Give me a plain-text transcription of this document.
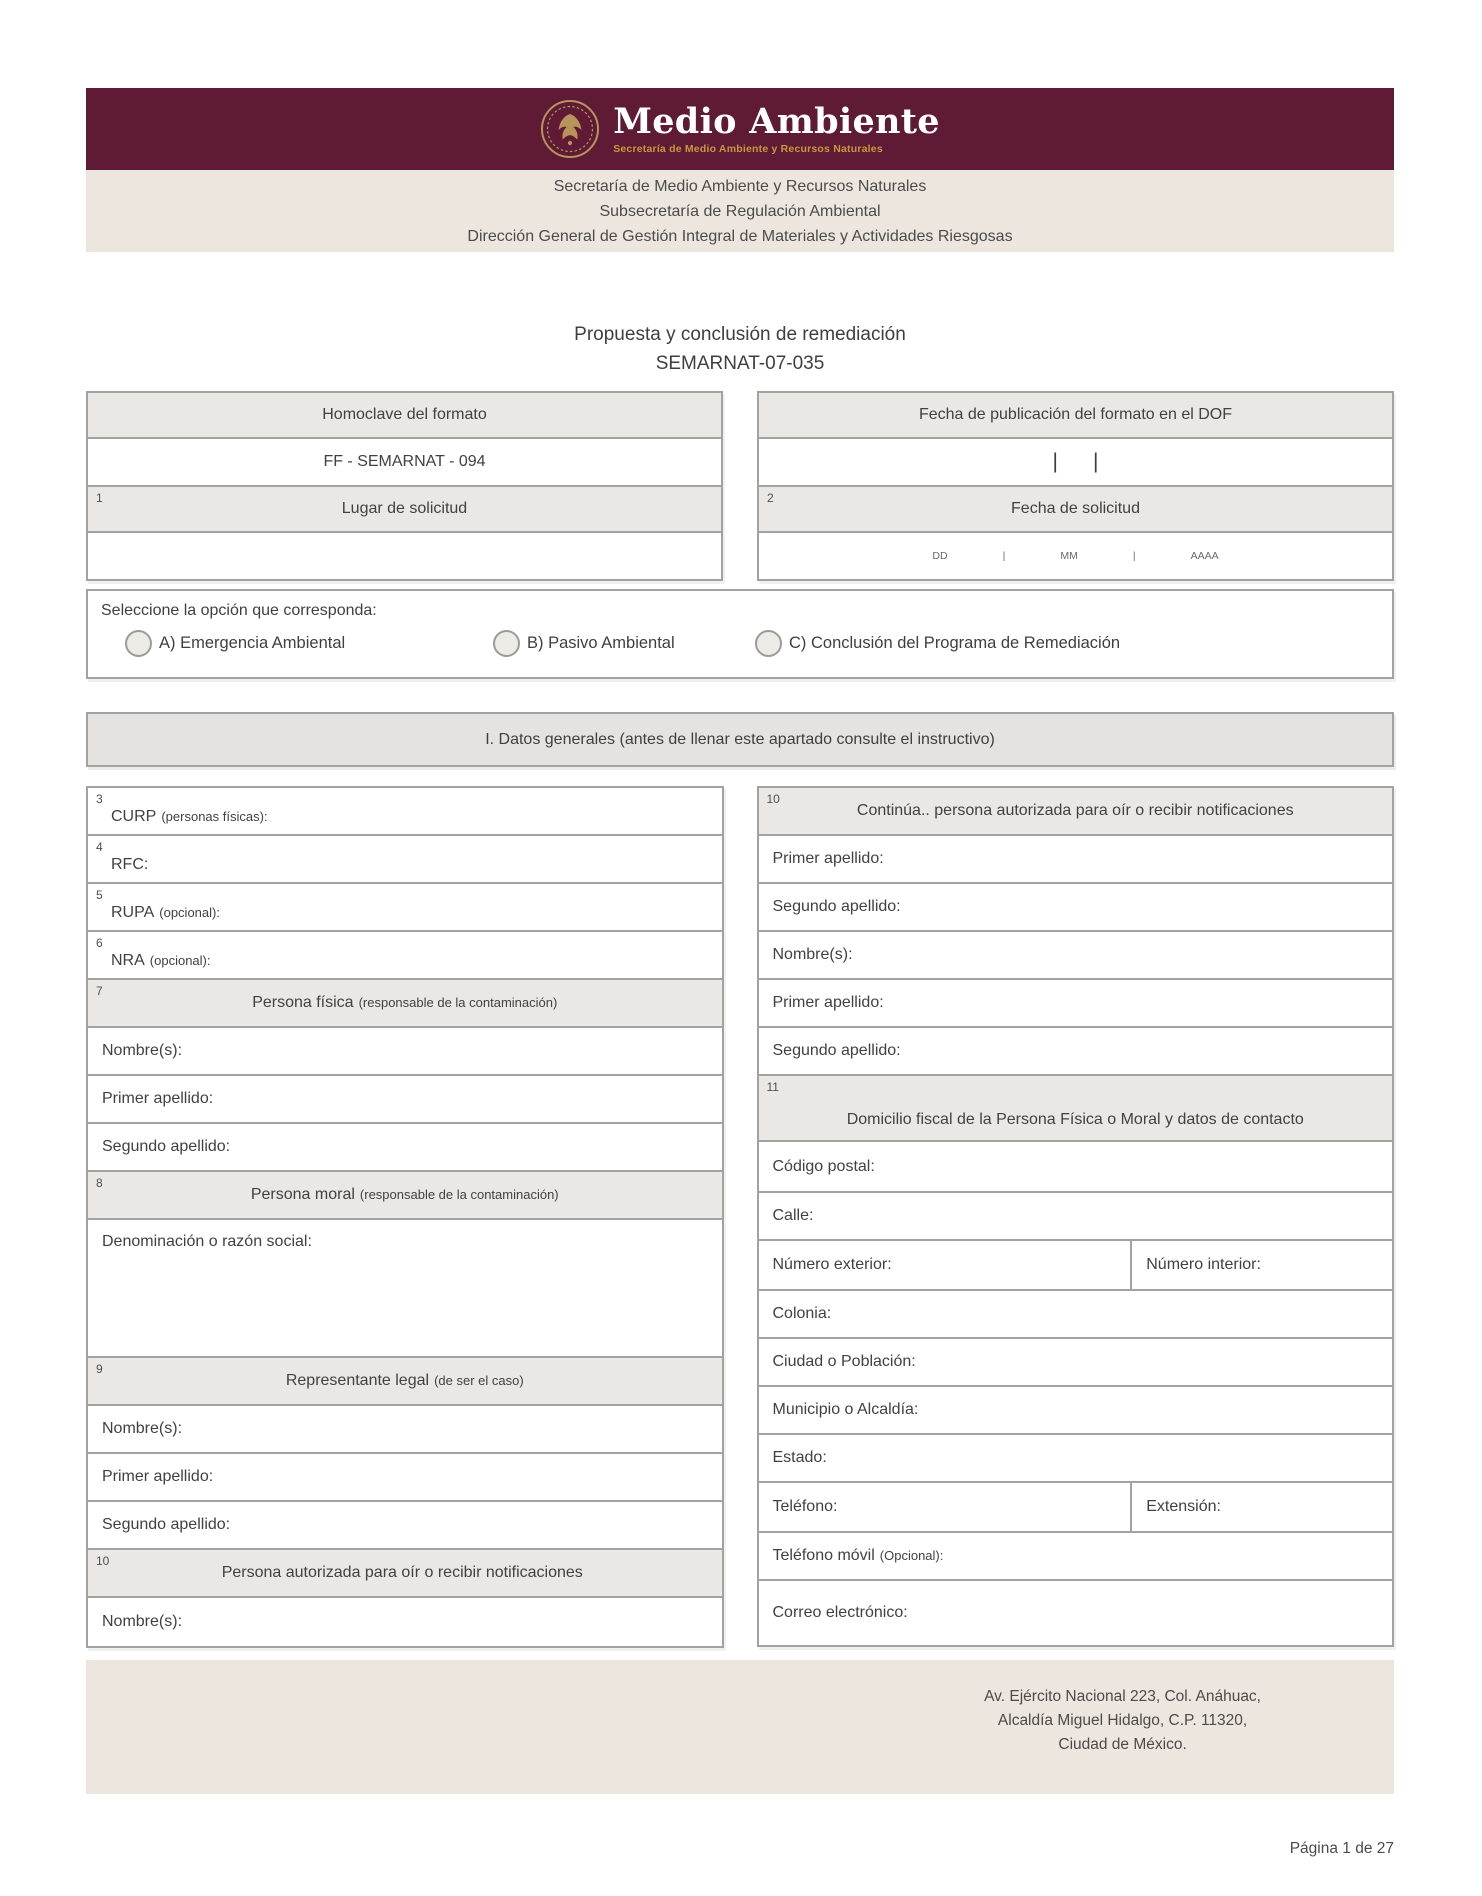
Medio Ambiente
Secretaría de Medio Ambiente y Recursos Naturales
Secretaría de Medio Ambiente y Recursos Naturales
Subsecretaría de Regulación Ambiental
Dirección General de Gestión Integral de Materiales y Actividades Riesgosas
Propuesta y conclusión de remediación
SEMARNAT-07-035
Homoclave del formato
FF - SEMARNAT - 094
1
Lugar de solicitud
Fecha de publicación del formato en el DOF
|      |
2
Fecha de solicitud
DD	|	MM	|	AAAA
Seleccione la opción que corresponda:
A) Emergencia Ambiental	B) Pasivo Ambiental	C) Conclusión del Programa de Remediación
I. Datos generales (antes de llenar este apartado consulte el instructivo)
3
CURP (personas físicas):
4
RFC:
5
RUPA (opcional):
6
NRA (opcional):
7
Persona física (responsable de la contaminación)
Nombre(s):
Primer apellido:
Segundo apellido:
8
Persona moral (responsable de la contaminación)
Denominación o razón social:
9
Representante legal (de ser el caso)
Nombre(s):
Primer apellido:
Segundo apellido:
10
Persona autorizada para oír o recibir notificaciones
Nombre(s):
10
Continúa.. persona autorizada para oír o recibir notificaciones
Primer apellido:
Segundo apellido:
Nombre(s):
Primer apellido:
Segundo apellido:
11
Domicilio fiscal de la Persona Física o Moral y datos de contacto
Código postal:
Calle:
Número exterior:	Número interior:
Colonia:
Ciudad o Población:
Municipio o Alcaldía:
Estado:
Teléfono:	Extensión:
Teléfono móvil (Opcional):
Correo electrónico:
Av. Ejército Nacional 223, Col. Anáhuac,
Alcaldía Miguel Hidalgo, C.P. 11320,
Ciudad de México.
Página 1 de 27
